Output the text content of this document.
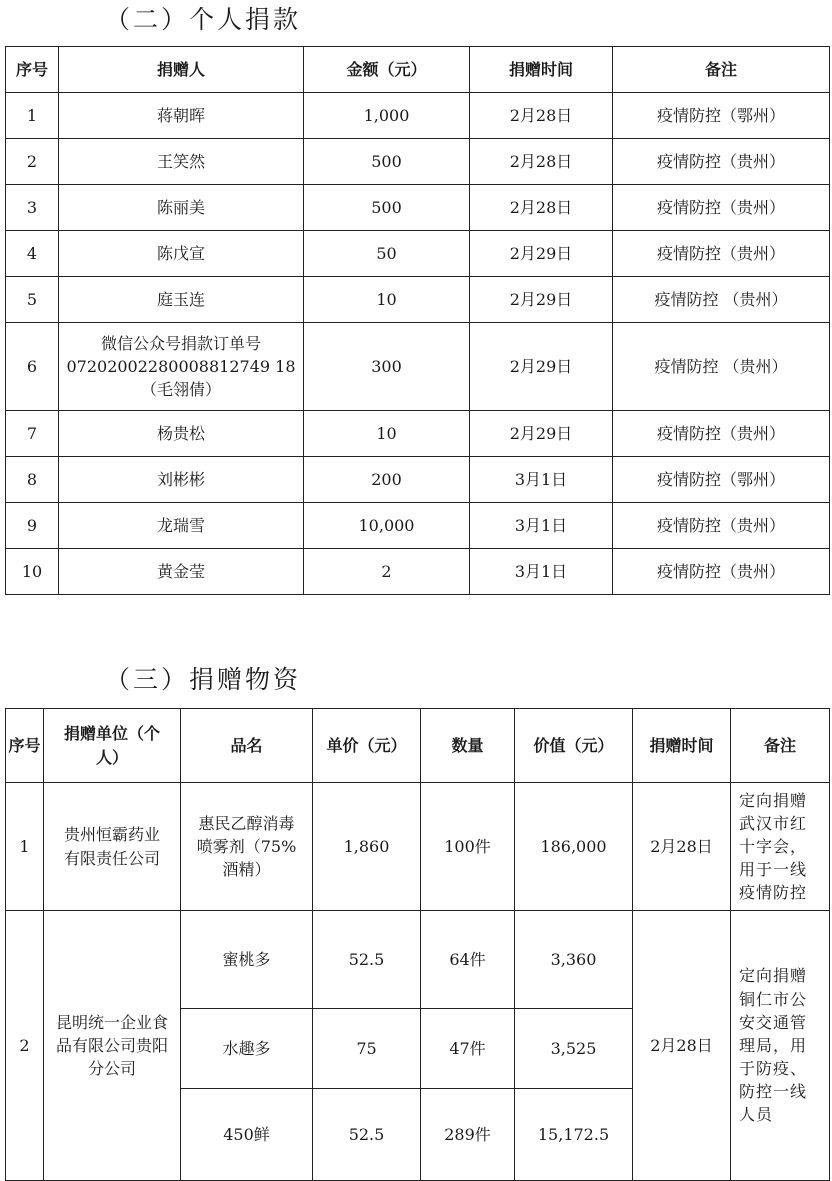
（二）个人捐款
序号	捐赠人	金额（元）	捐赠时间	备注
1	蒋朝晖	1,000	2月28日	疫情防控（鄂州）
2	王笑然	500	2月28日	疫情防控（贵州）
3	陈丽美	500	2月28日	疫情防控（贵州）
4	陈戊宣	50	2月29日	疫情防控（贵州）
5	庭玉连	10	2月29日	疫情防控 （贵州）
6	微信公众号捐款订单号
07202002280008812749 18
（毛翎倩）	300	2月29日	疫情防控 （贵州）
7	杨贵松	10	2月29日	疫情防控（贵州）
8	刘彬彬	200	3月1日	疫情防控（鄂州）
9	龙瑞雪	10,000	3月1日	疫情防控（贵州）
10	黄金莹	2	3月1日	疫情防控（贵州）
（三）捐赠物资
序号	捐赠单位（个人）	品名	单价（元）	数量	价值（元）	捐赠时间	备注
1	贵州恒霸药业有限责任公司	惠民乙醇消毒喷雾剂（75%酒精）	1,860	100件	186,000	2月28日	定向捐赠武汉市红十字会，用于一线疫情防控
2	昆明统一企业食品有限公司贵阳分公司	蜜桃多	52.5	64件	3,360	2月28日	定向捐赠铜仁市公安交通管理局，用于防疫、防控一线人员
		水趣多	75	47件	3,525		
		450鲜	52.5	289件	15,172.5		
